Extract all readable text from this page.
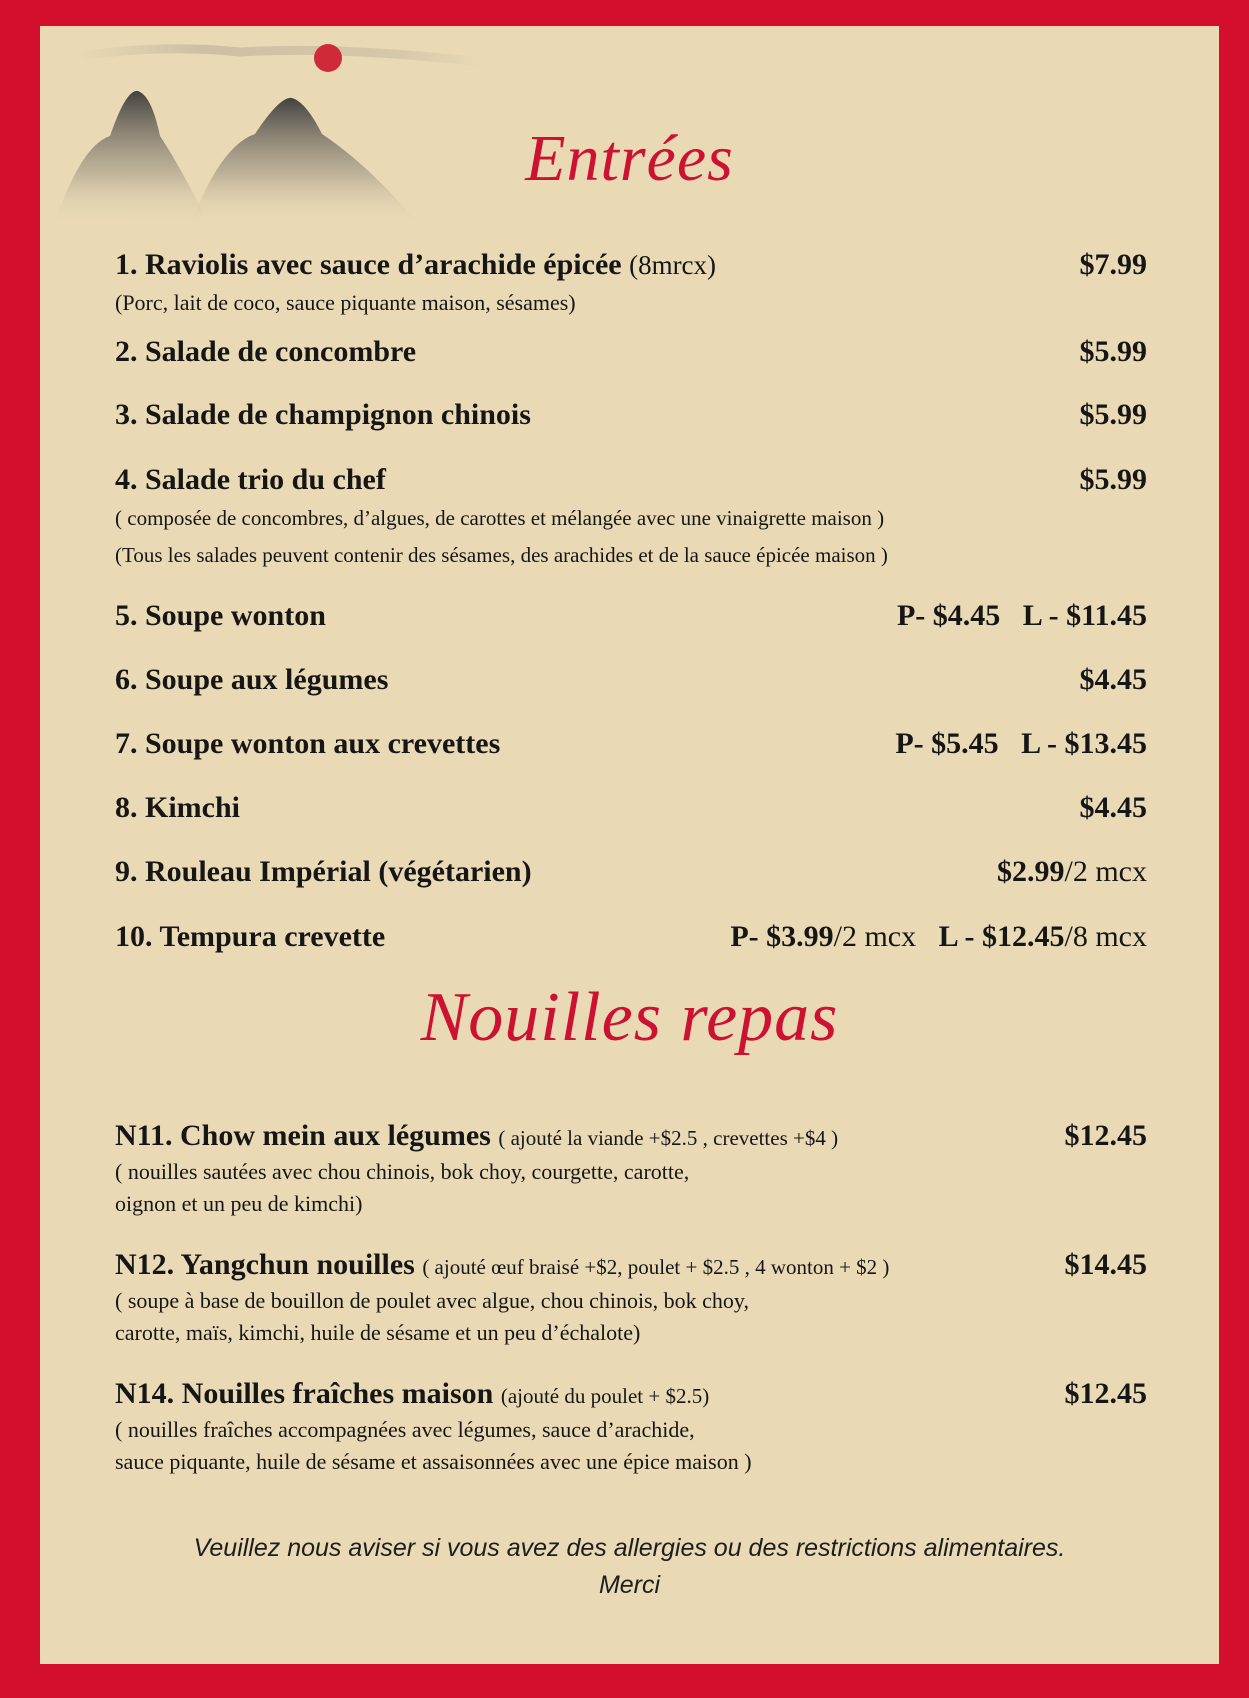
Entrées
1. Raviolis avec sauce d’arachide épicée (8mrcx)	$7.99
(Porc, lait de coco, sauce piquante maison, sésames)
2. Salade de concombre	$5.99
3. Salade de champignon chinois	$5.99
4. Salade trio du chef	$5.99
( composée de concombres, d’algues, de carottes et mélangée avec une vinaigrette maison )
(Tous les salades peuvent contenir des sésames, des arachides et de la sauce épicée maison )
5. Soupe wonton	P- $4.45   L - $11.45
6. Soupe aux légumes	$4.45
7. Soupe wonton aux crevettes	P- $5.45   L - $13.45
8. Kimchi	$4.45
9. Rouleau Impérial (végétarien)	$2.99/2 mcx
10. Tempura crevette	P- $3.99/2 mcx L - $12.45/8 mcx
Nouilles repas
N11. Chow mein aux légumes ( ajouté la viande +$2.5 , crevettes +$4 )	$12.45
( nouilles sautées avec chou chinois, bok choy, courgette, carotte,
oignon et un peu de kimchi)
N12. Yangchun nouilles ( ajouté œuf braisé +$2, poulet + $2.5 , 4 wonton + $2 )	$14.45
( soupe à base de bouillon de poulet avec algue, chou chinois, bok choy,
carotte, maïs, kimchi, huile de sésame et un peu d’échalote)
N14. Nouilles fraîches maison (ajouté du poulet + $2.5)	$12.45
( nouilles fraîches accompagnées avec légumes, sauce d’arachide,
sauce piquante, huile de sésame et assaisonnées avec une épice maison )
Veuillez nous aviser si vous avez des allergies ou des restrictions alimentaires.
Merci
